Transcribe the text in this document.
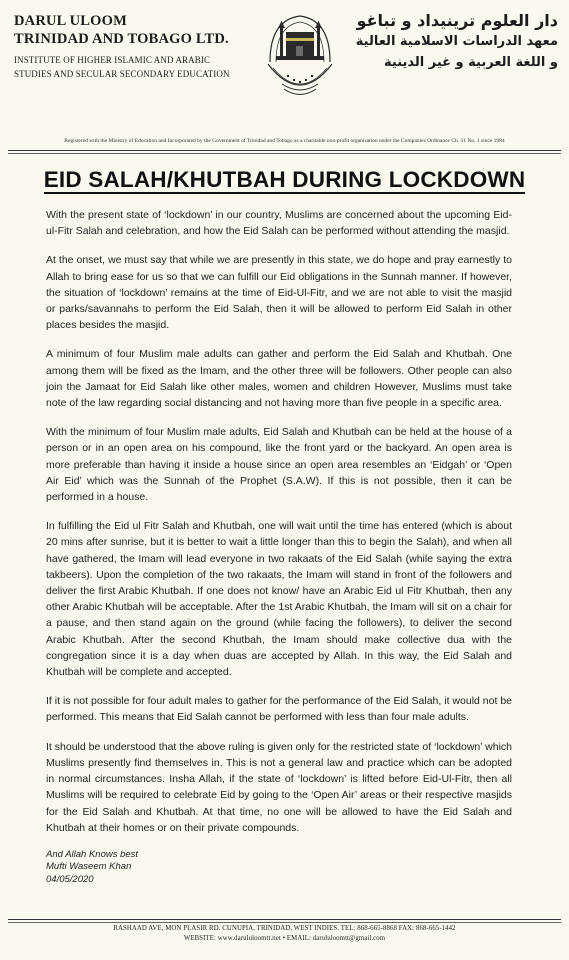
DARUL ULOOM
TRINIDAD AND TOBAGO LTD.
INSTITUTE OF HIGHER ISLAMIC AND ARABIC
STUDIES AND SECULAR SECONDARY EDUCATION
دار العلوم ترينيداد و تباغو
معهد الدراسات الاسلامية العالية
و اللغة العربية و غير الدينية
Registered with the Ministry of Education and Incorporated by the Government of Trinidad and Tobago as a charitable non-profit organisation under the Companies Ordinance Ch. 31 No. 1 since 1984
EID SALAH/KHUTBAH DURING LOCKDOWN

With the present state of ‘lockdown’ in our country, Muslims are concerned about the upcoming Eid-ul-Fitr Salah and celebration, and how the Eid Salah can be performed without attending the masjid.

At the onset, we must say that while we are presently in this state, we do hope and pray earnestly to Allah to bring ease for us so that we can fulfill our Eid obligations in the Sunnah manner. If however, the situation of ‘lockdown’ remains at the time of Eid-Ul-Fitr, and we are not able to visit the masjid or parks/savannahs to perform the Eid Salah, then it will be allowed to perform Eid Salah in other places besides the masjid.

A minimum of four Muslim male adults can gather and perform the Eid Salah and Khutbah. One among them will be fixed as the Imam, and the other three will be followers. Other people can also join the Jamaat for Eid Salah like other males, women and children However, Muslims must take note of the law regarding social distancing and not having more than five people in a specific area.

With the minimum of four Muslim male adults, Eid Salah and Khutbah can be held at the house of a person or in an open area on his compound, like the front yard or the backyard. An open area is more preferable than having it inside a house since an open area resembles an ‘Eidgah’ or ‘Open Air Eid’ which was the Sunnah of the Prophet (S.A.W). If this is not possible, then it can be performed in a house.

In fulfilling the Eid ul Fitr Salah and Khutbah, one will wait until the time has entered (which is about 20 mins after sunrise, but it is better to wait a little longer than this to begin the Salah), and when all have gathered, the Imam will lead everyone in two rakaats of the Eid Salah (while saying the extra takbeers). Upon the completion of the two rakaats, the Imam will stand in front of the followers and deliver the first Arabic Khutbah. If one does not know/ have an Arabic Eid ul Fitr Khutbah, then any other Arabic Khutbah will be acceptable. After the 1st Arabic Khutbah, the Imam will sit on a chair for a pause, and then stand again on the ground (while facing the followers), to deliver the second Arabic Khutbah. After the second Khutbah, the Imam should make collective dua with the congregation since it is a day when duas are accepted by Allah. In this way, the Eid Salah and Khutbah will be complete and accepted.

If it is not possible for four adult males to gather for the performance of the Eid Salah, it would not be performed. This means that Eid Salah cannot be performed with less than four male adults.

It should be understood that the above ruling is given only for the restricted state of ‘lockdown’ which Muslims presently find themselves in. This is not a general law and practice which can be adopted in normal circumstances. Insha Allah, if the state of ‘lockdown’ is lifted before Eid-Ul-Fitr, then all Muslims will be required to celebrate Eid by going to the ‘Open Air’ areas or their respective masjids for the Eid Salah and Khutbah. At that time, no one will be allowed to have the Eid Salah and Khutbah at their homes or on their private compounds.

And Allah Knows best
Mufti Waseem Khan
04/05/2020
RASHAAD AVE, MON PLASIR RD. CUNUPIA, TRINIDAD, WEST INDIES. TEL: 868-665-8868 FAX: 868-665-1442
WEBSITE: www.darululoomtt.net • EMAIL: darululoomtt@gmail.com
